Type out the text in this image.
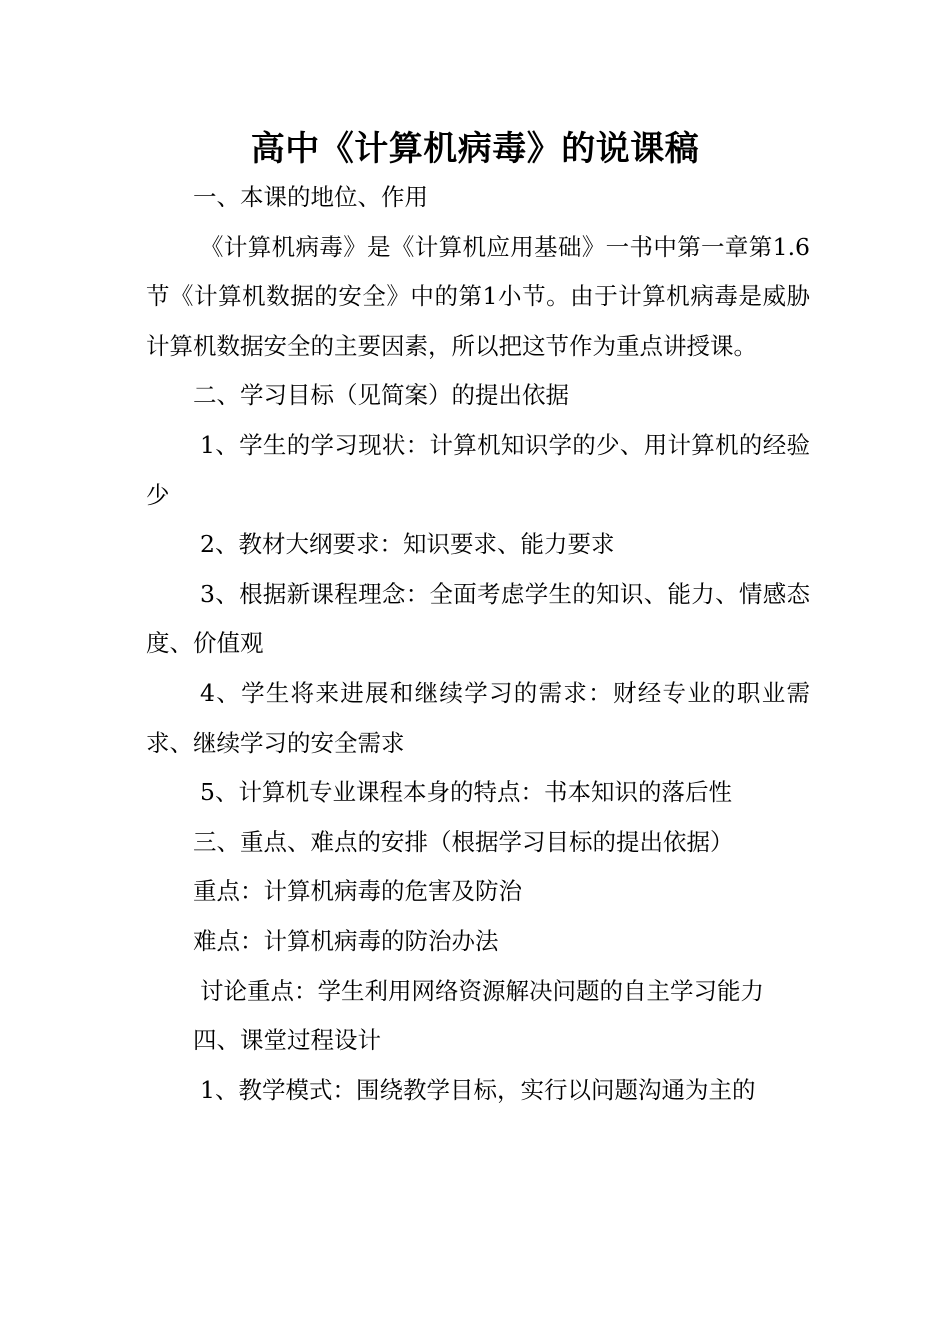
高中《计算机病毒》的说课稿

一、本课的地位、作用

《计算机病毒》是《计算机应用基础》一书中第一章第1.6节《计算机数据的安全》中的第1小节。由于计算机病毒是威胁计算机数据安全的主要因素，所以把这节作为重点讲授课。

二、学习目标（见简案）的提出依据

1、学生的学习现状：计算机知识学的少、用计算机的经验少

2、教材大纲要求：知识要求、能力要求

3、根据新课程理念：全面考虑学生的知识、能力、情感态度、价值观

4、学生将来进展和继续学习的需求：财经专业的职业需求、继续学习的安全需求

5、计算机专业课程本身的特点：书本知识的落后性

三、重点、难点的安排（根据学习目标的提出依据）

重点：计算机病毒的危害及防治

难点：计算机病毒的防治办法

讨论重点：学生利用网络资源解决问题的自主学习能力

四、课堂过程设计

1、教学模式：围绕教学目标，实行以问题沟通为主的
